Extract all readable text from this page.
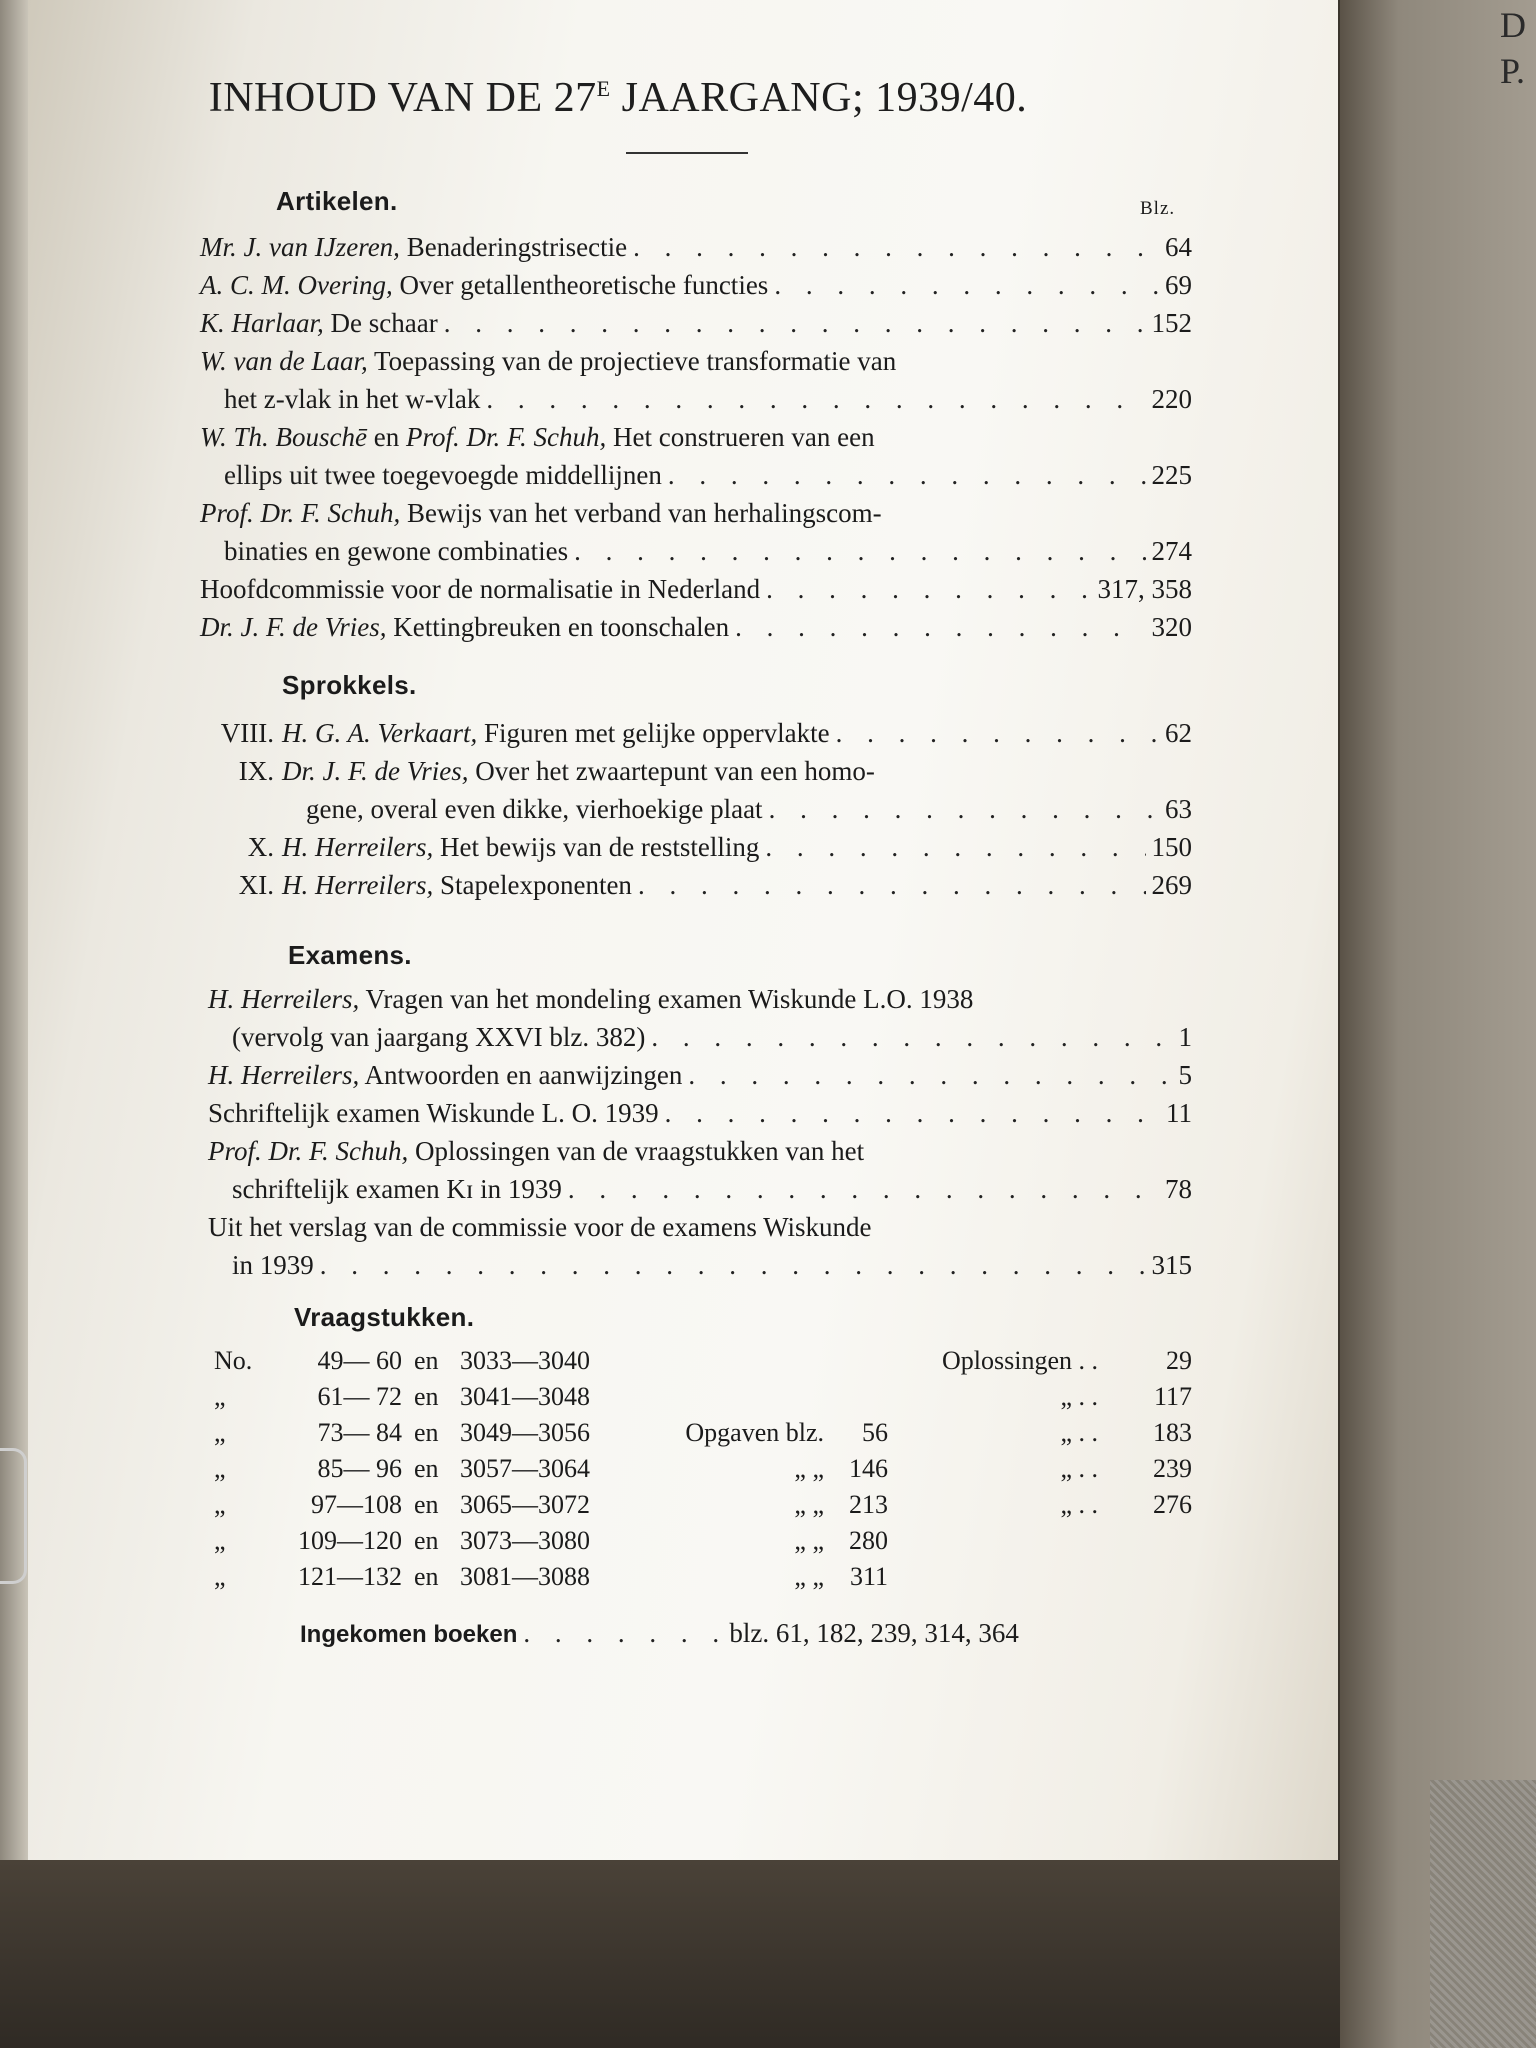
D
P.
INHOUD VAN DE $27^E$ JAARGANG; 1939/40.
Artikelen.	Blz.
Mr. J. van IJzeren, Benaderingstrisectie . . .	64
A. C. M. Overing, Over getallentheoretische functies . . .	69
K. Harlaar, De schaar . . .	152
W. van de Laar, Toepassing van de projectieve transformatie van
het z-vlak in het w-vlak . . .	220
W. Th. Bouschē en Prof. Dr. F. Schuh, Het construeren van een
ellips uit twee toegevoegde middellijnen . . .	225
Prof. Dr. F. Schuh, Bewijs van het verband van herhalingscom-
binaties en gewone combinaties . . .	274
Hoofdcommissie voor de normalisatie in Nederland . . .	317, 358
Dr. J. F. de Vries, Kettingbreuken en toonschalen . . .	320
Sprokkels.
VIII. H. G. A. Verkaart, Figuren met gelijke oppervlakte . . .	62
IX. Dr. J. F. de Vries, Over het zwaartepunt van een homo-
gene, overal even dikke, vierhoekige plaat . . .	63
X. H. Herreilers, Het bewijs van de reststelling . . .	150
XI. H. Herreilers, Stapelexponenten . . .	269
Examens.
H. Herreilers, Vragen van het mondeling examen Wiskunde L.O. 1938
(vervolg van jaargang XXVI blz. 382) . . .	1
H. Herreilers, Antwoorden en aanwijzingen . . .	5
Schriftelijk examen Wiskunde L. O. 1939 . . .	11
Prof. Dr. F. Schuh, Oplossingen van de vraagstukken van het
schriftelijk examen Kɪ in 1939 . . .	78
Uit het verslag van de commissie voor de examens Wiskunde
in 1939 . . .	315
Vraagstukken.
No.	49— 60 en 3033—3040	Oplossingen . .	29
„	61— 72 en 3041—3048	„ . .	117
„	73— 84 en 3049—3056	Opgaven blz.	56	„ . .	183
„	85— 96 en 3057—3064	„ „ 146	„ . .	239
„	97—108 en 3065—3072	„ „ 213	„ . .	276
„	109—120 en 3073—3080	„ „ 280
„	121—132 en 3081—3088	„ „ 311
Ingekomen boeken . . .	blz. 61, 182, 239, 314, 364
